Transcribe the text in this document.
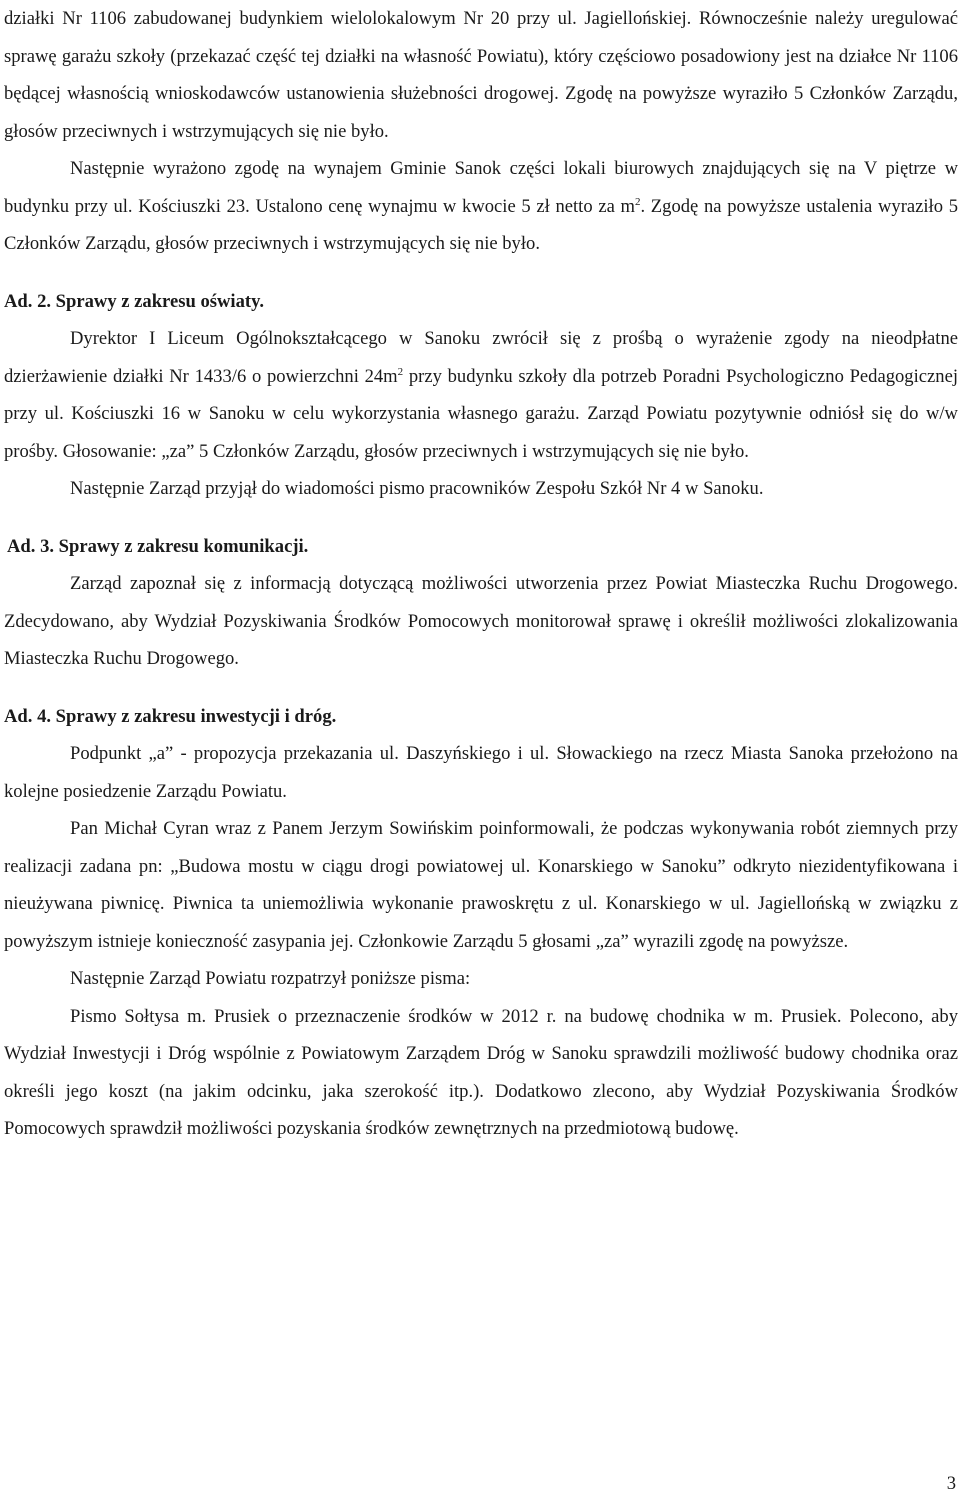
działki Nr 1106 zabudowanej budynkiem wielolokalowym Nr 20 przy ul. Jagiellońskiej. Równocześnie należy uregulować sprawę garażu szkoły (przekazać część tej działki na własność Powiatu), który częściowo posadowiony jest na działce Nr 1106 będącej własnością wnioskodawców ustanowienia służebności drogowej. Zgodę na powyższe wyraziło 5 Członków Zarządu, głosów przeciwnych i wstrzymujących się nie było.

Następnie wyrażono zgodę na wynajem Gminie Sanok części lokali biurowych znajdujących się na V piętrze w budynku przy ul. Kościuszki 23. Ustalono cenę wynajmu w kwocie 5 zł netto za $m^2$. Zgodę na powyższe ustalenia wyraziło 5 Członków Zarządu, głosów przeciwnych i wstrzymujących się nie było.

Ad. 2. Sprawy z zakresu oświaty.

Dyrektor I Liceum Ogólnokształcącego w Sanoku zwrócił się z prośbą o wyrażenie zgody na nieodpłatne dzierżawienie działki Nr 1433/6 o powierzchni $24m^2$ przy budynku szkoły dla potrzeb Poradni Psychologiczno Pedagogicznej przy ul. Kościuszki 16 w Sanoku w celu wykorzystania własnego garażu. Zarząd Powiatu pozytywnie odniósł się do w/w prośby. Głosowanie: „za” 5 Członków Zarządu, głosów przeciwnych i wstrzymujących się nie było.

Następnie Zarząd przyjął do wiadomości pismo pracowników Zespołu Szkół Nr 4 w Sanoku.

Ad. 3. Sprawy z zakresu komunikacji.

Zarząd zapoznał się z informacją dotyczącą możliwości utworzenia przez Powiat Miasteczka Ruchu Drogowego. Zdecydowano, aby Wydział Pozyskiwania Środków Pomocowych monitorował sprawę i określił możliwości zlokalizowania Miasteczka Ruchu Drogowego.

Ad. 4. Sprawy z zakresu inwestycji i dróg.

Podpunkt „a” - propozycja przekazania ul. Daszyńskiego i ul. Słowackiego na rzecz Miasta Sanoka przełożono na kolejne posiedzenie Zarządu Powiatu.

Pan Michał Cyran wraz z Panem Jerzym Sowińskim poinformowali, że podczas wykonywania robót ziemnych przy realizacji zadana pn: „Budowa mostu w ciągu drogi powiatowej ul. Konarskiego w Sanoku” odkryto niezidentyfikowana i nieużywana piwnicę. Piwnica ta uniemożliwia wykonanie prawoskrętu z ul. Konarskiego w ul. Jagiellońską w związku z powyższym istnieje konieczność zasypania jej. Członkowie Zarządu 5 głosami „za” wyrazili zgodę na powyższe.

Następnie Zarząd Powiatu rozpatrzył poniższe pisma:

Pismo Sołtysa m. Prusiek o przeznaczenie środków w 2012 r. na budowę chodnika w m. Prusiek. Polecono, aby Wydział Inwestycji i Dróg wspólnie z Powiatowym Zarządem Dróg w Sanoku sprawdzili możliwość budowy chodnika oraz określi jego koszt (na jakim odcinku, jaka szerokość itp.). Dodatkowo zlecono, aby Wydział Pozyskiwania Środków Pomocowych sprawdził możliwości pozyskania środków zewnętrznych na przedmiotową budowę.

3
